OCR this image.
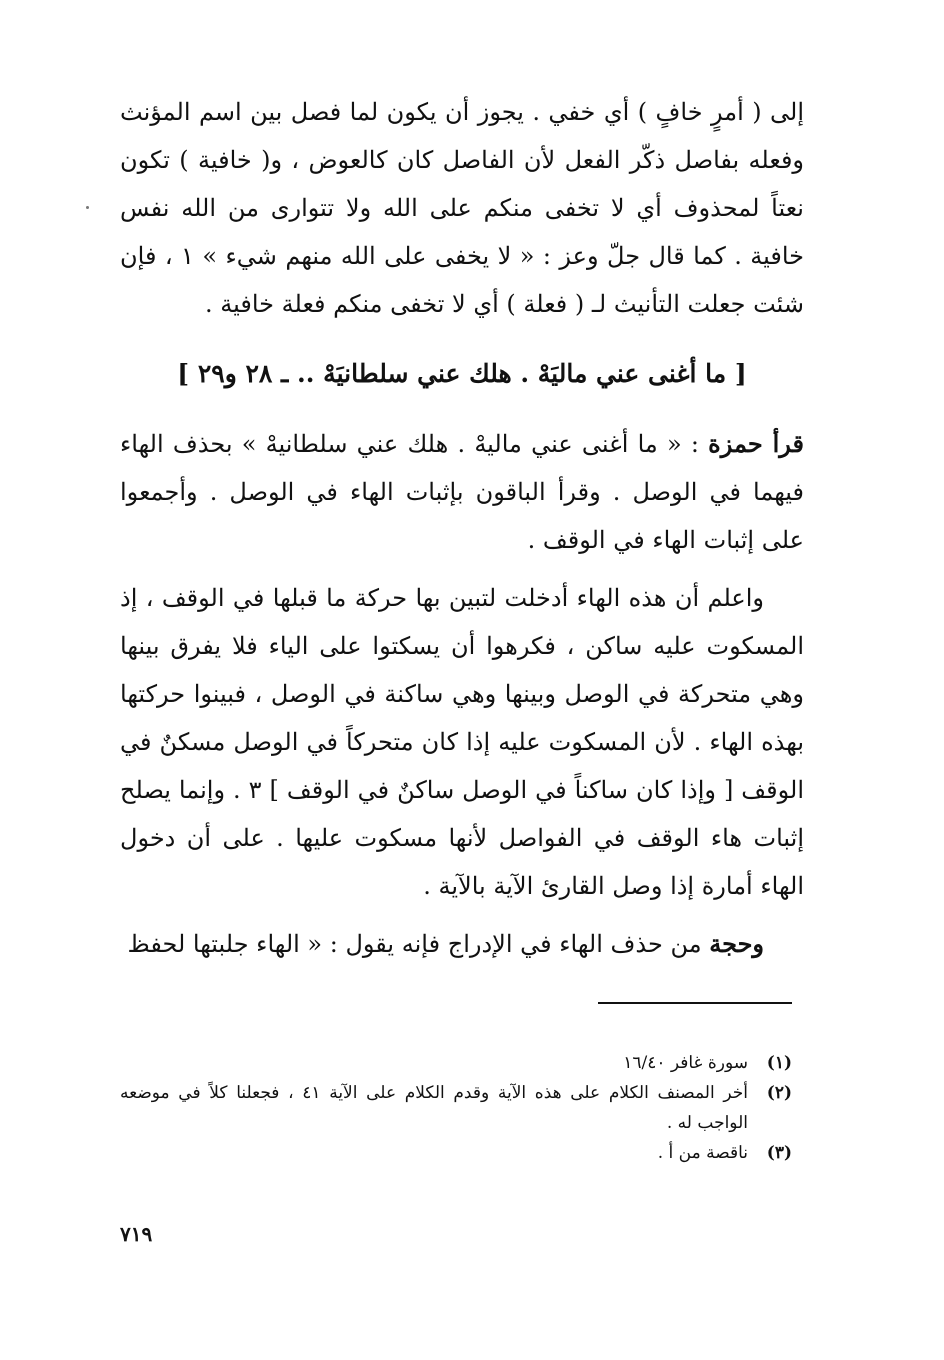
إلى ( أمرٍ خافٍ ) أي خفي . يجوز أن يكون لما فصل بين اسم المؤنث وفعله بفاصل ذكّر الفعل لأن الفاصل كان كالعوض ، و( خافية ) تكون نعتاً لمحذوف أي لا تخفى منكم على الله ولا تتوارى من الله نفس خافية . كما قال جلّ وعز : « لا يخفى على الله منهم شيء » ١ ، فإن شئت جعلت التأنيث لـ ( فعلة ) أي لا تخفى منكم فعلة خافية .

[ ما أغنى عني ماليَهْ . هلك عني سلطانيَهْ .. ـ ٢٨ و٢٩ ]

قرأ حمزة : « ما أغنى عني ماليهْ . هلك عني سلطانيهْ » بحذف الهاء فيهما في الوصل . وقرأ الباقون بإثبات الهاء في الوصل . وأجمعوا على إثبات الهاء في الوقف .

واعلم أن هذه الهاء أدخلت لتبين بها حركة ما قبلها في الوقف ، إذ المسكوت عليه ساكن ، فكرهوا أن يسكتوا على الياء فلا يفرق بينها وهي متحركة في الوصل وبينها وهي ساكنة في الوصل ، فبينوا حركتها بهذه الهاء . لأن المسكوت عليه إذا كان متحركاً في الوصل مسكنٌ في الوقف [ وإذا كان ساكناً في الوصل ساكنٌ في الوقف ] ٣ . وإنما يصلح إثبات هاء الوقف في الفواصل لأنها مسكوت عليها . على أن دخول الهاء أمارة إذا وصل القارئ الآية بالآية .

وحجة من حذف الهاء في الإدراج فإنه يقول : « الهاء جلبتها لحفظ

(١)
سورة غافر ١٦/٤٠
(٢)
أخر المصنف الكلام على هذه الآية وقدم الكلام على الآية ٤١ ، فجعلنا كلاً في موضعه الواجب له .
(٣)
ناقصة من أ .
٧١٩
